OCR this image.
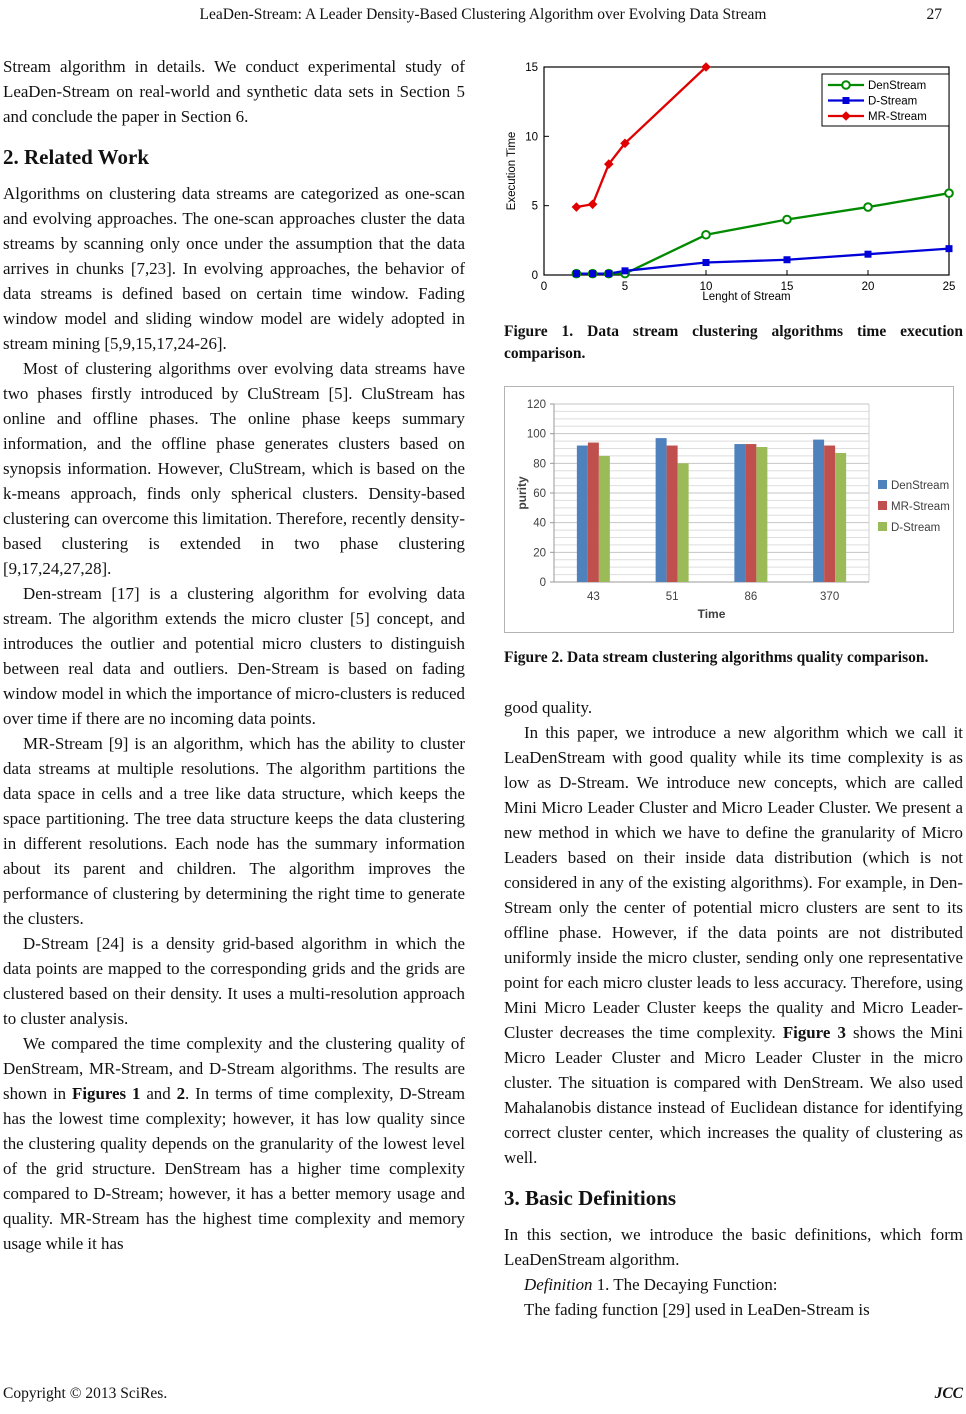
LeaDen-Stream: A Leader Density-Based Clustering Algorithm over Evolving Data Stream	27

Stream algorithm in details. We conduct experimental study of LeaDen-Stream on real-world and synthetic data sets in Section 5 and conclude the paper in Section 6.

2. Related Work

Algorithms on clustering data streams are categorized as one-scan and evolving approaches. The one-scan approaches cluster the data streams by scanning only once under the assumption that the data arrives in chunks [7,23]. In evolving approaches, the behavior of data streams is defined based on certain time window. Fading window model and sliding window model are widely adopted in stream mining [5,9,15,17,24-26].

Most of clustering algorithms over evolving data streams have two phases firstly introduced by CluStream [5]. CluStream has online and offline phases. The online phase keeps summary information, and the offline phase generates clusters based on synopsis information. However, CluStream, which is based on the k-means approach, finds only spherical clusters. Density-based clustering can overcome this limitation. Therefore, recently density-based clustering is extended in two phase clustering [9,17,24,27,28].

Den-stream [17] is a clustering algorithm for evolving data stream. The algorithm extends the micro cluster [5] concept, and introduces the outlier and potential micro clusters to distinguish between real data and outliers. Den-Stream is based on fading window model in which the importance of micro-clusters is reduced over time if there are no incoming data points.

MR-Stream [9] is an algorithm, which has the ability to cluster data streams at multiple resolutions. The algorithm partitions the data space in cells and a tree like data structure, which keeps the space partitioning. The tree data structure keeps the data clustering in different resolutions. Each node has the summary information about its parent and children. The algorithm improves the performance of clustering by determining the right time to generate the clusters.

D-Stream [24] is a density grid-based algorithm in which the data points are mapped to the corresponding grids and the grids are clustered based on their density. It uses a multi-resolution approach to cluster analysis.

We compared the time complexity and the clustering quality of DenStream, MR-Stream, and D-Stream algorithms. The results are shown in Figures 1 and 2. In terms of time complexity, D-Stream has the lowest time complexity; however, it has low quality since the clustering quality depends on the granularity of the lowest level of the grid structure. DenStream has a higher time complexity compared to D-Stream; however, it has a better memory usage and quality. MR-Stream has the highest time complexity and memory usage while it has

0	5	10	15	20	25
0
5
10
15
Lenght of Stream
Execution Time
DenStream
D-Stream
MR-Stream

Figure 1. Data stream clustering algorithms time execution comparison.

0
20
40
60
80
100
120
43	51	86	370
Time
purity	DenStream
MR-Stream
D-Stream

Figure 2. Data stream clustering algorithms quality comparison.

good quality.

In this paper, we introduce a new algorithm which we call it LeaDenStream with good quality while its time complexity is as low as D-Stream. We introduce new concepts, which are called Mini Micro Leader Cluster and Micro Leader Cluster. We present a new method in which we have to define the granularity of Micro Leaders based on their inside data distribution (which is not considered in any of the existing algorithms). For example, in Den-Stream only the center of potential micro clusters are sent to its offline phase. However, if the data points are not distributed uniformly inside the micro cluster, sending only one representative point for each micro cluster leads to less accuracy. Therefore, using Mini Micro Leader Cluster keeps the quality and Micro Leader-Cluster decreases the time complexity. Figure 3 shows the Mini Micro Leader Cluster and Micro Leader Cluster in the micro cluster. The situation is compared with DenStream. We also used Mahalanobis distance instead of Euclidean distance for identifying correct cluster center, which increases the quality of clustering as well.

3. Basic Definitions

In this section, we introduce the basic definitions, which form LeaDenStream algorithm.

Definition 1. The Decaying Function:

The fading function [29] used in LeaDen-Stream is

Copyright © 2013 SciRes.	JCC
